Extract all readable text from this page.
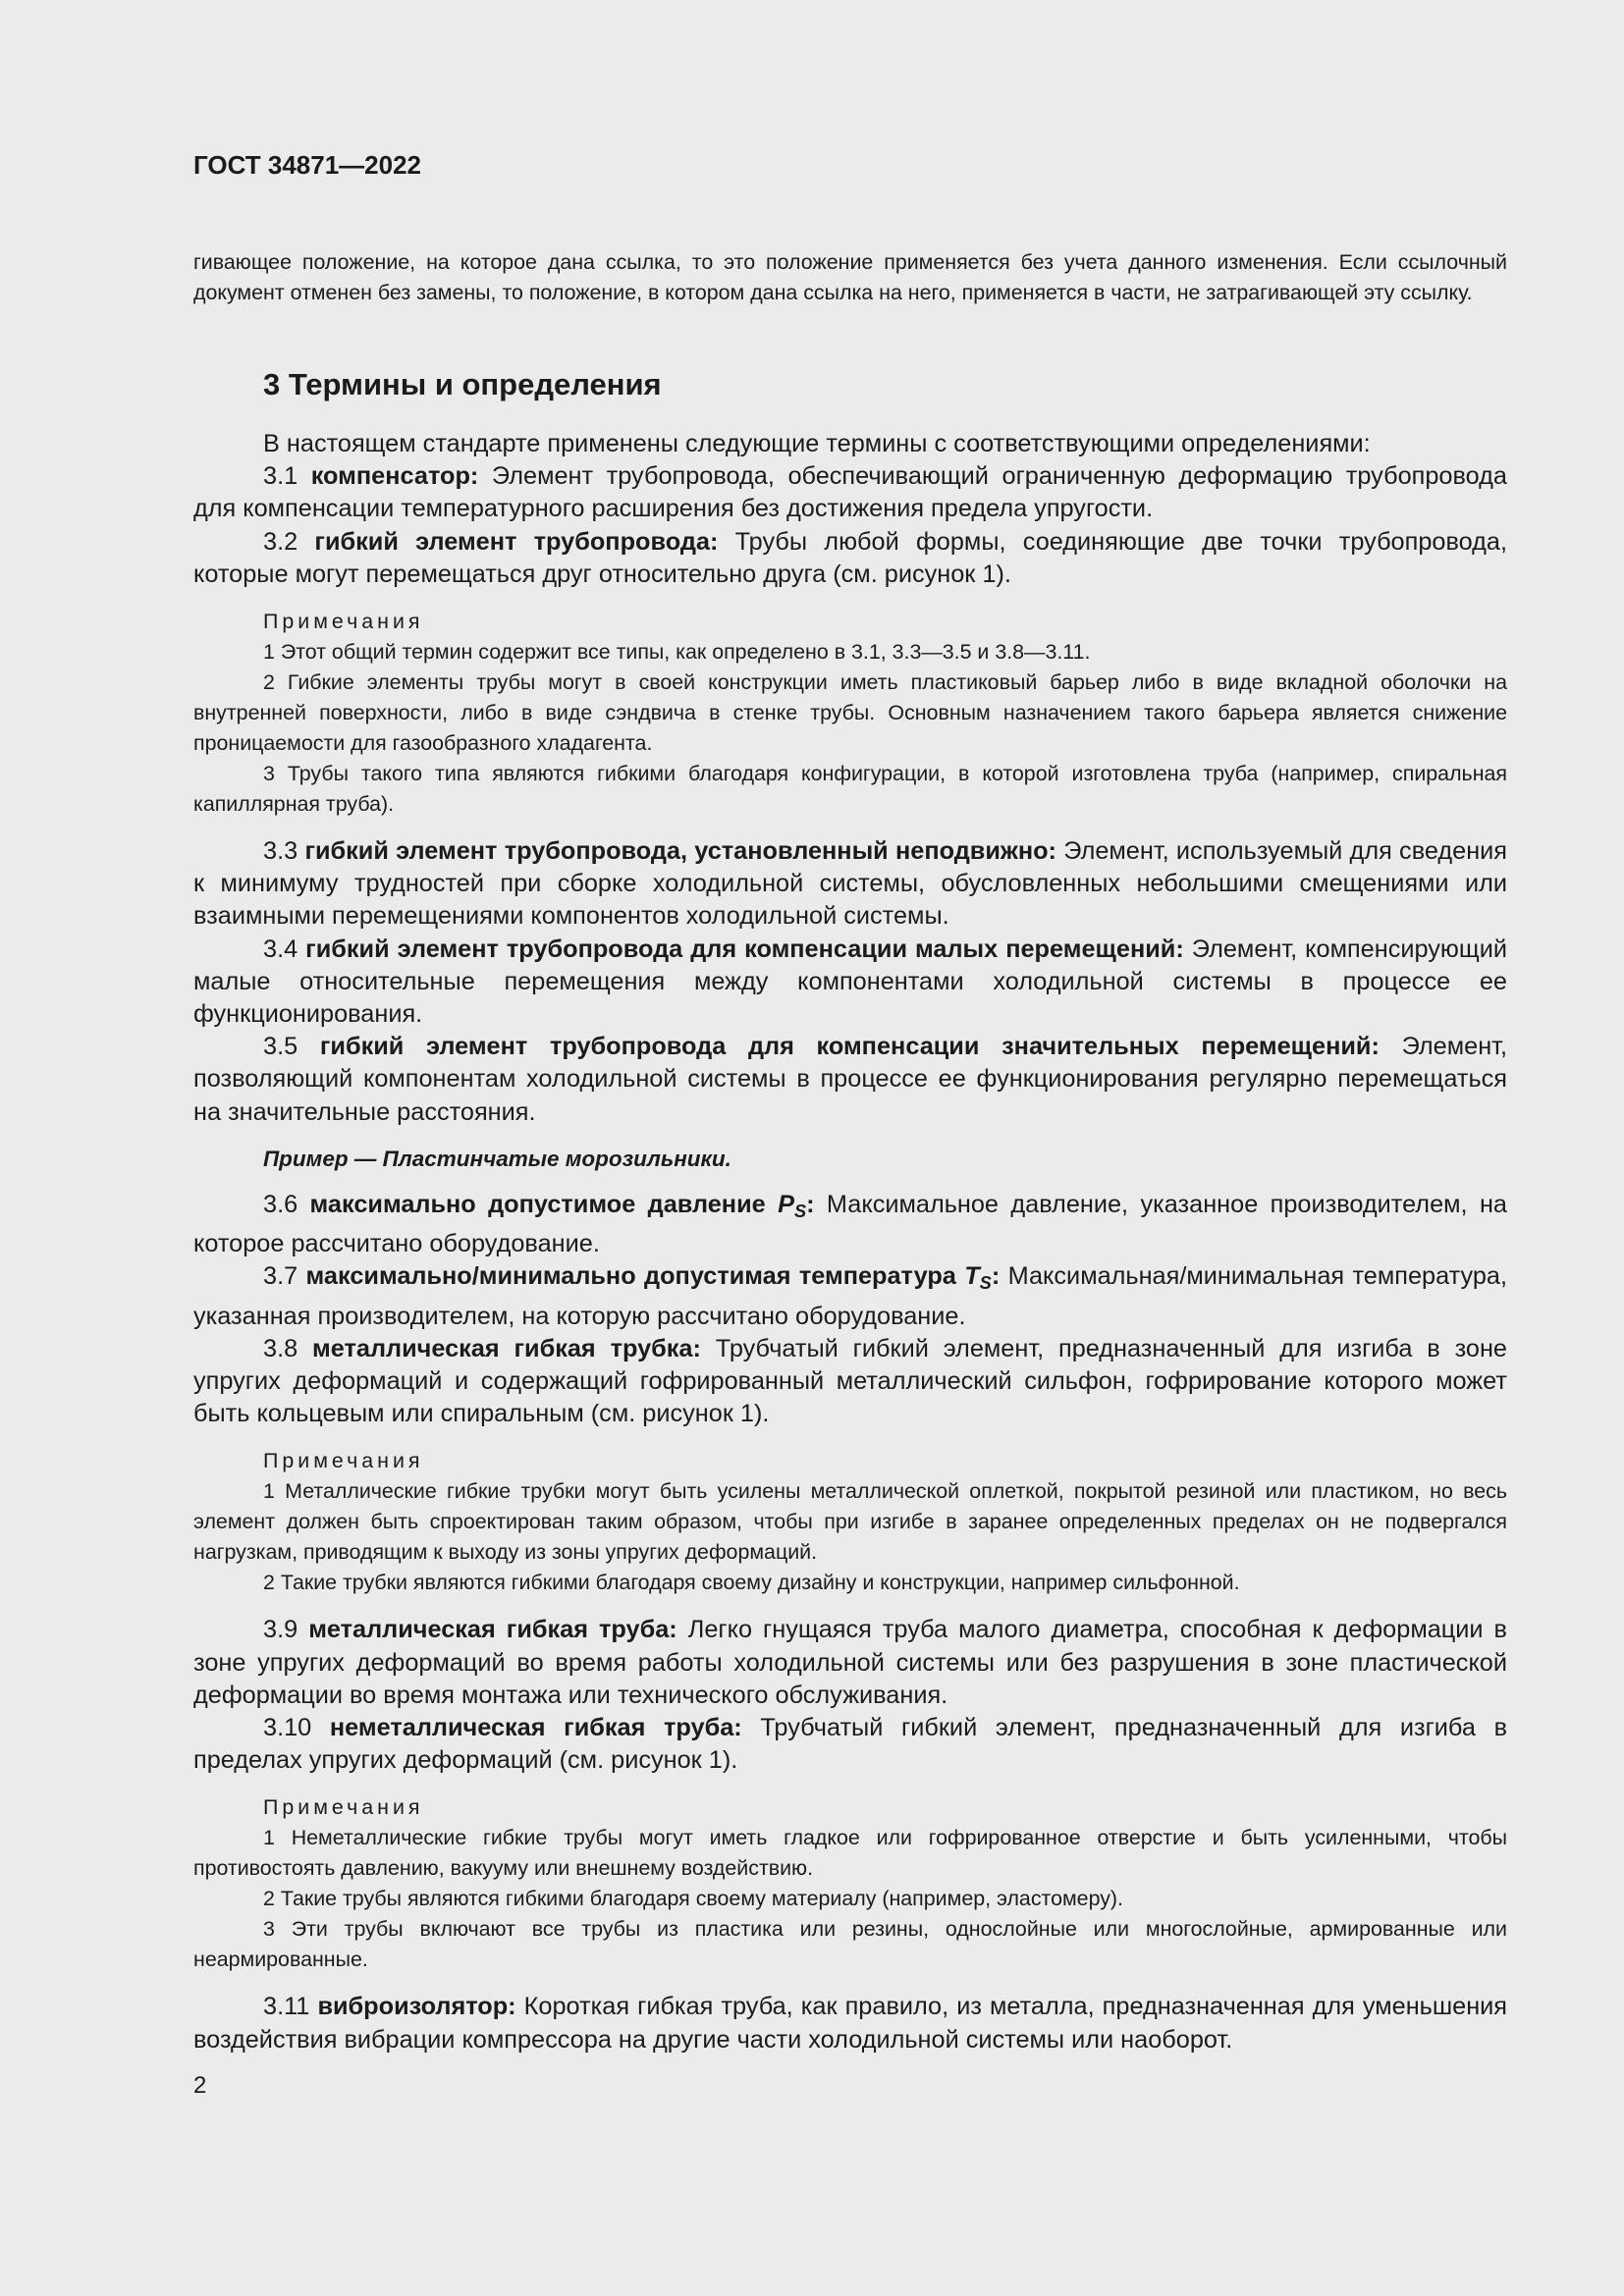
ГОСТ 34871—2022

гивающее положение, на которое дана ссылка, то это положение применяется без учета данного изменения. Если ссылочный документ отменен без замены, то положение, в котором дана ссылка на него, применяется в части, не затрагивающей эту ссылку.

3 Термины и определения

В настоящем стандарте применены следующие термины с соответствующими определениями:

3.1 компенсатор: Элемент трубопровода, обеспечивающий ограниченную деформацию трубопровода для компенсации температурного расширения без достижения предела упругости.

3.2 гибкий элемент трубопровода: Трубы любой формы, соединяющие две точки трубопровода, которые могут перемещаться друг относительно друга (см. рисунок 1).

Примечания

1 Этот общий термин содержит все типы, как определено в 3.1, 3.3—3.5 и 3.8—3.11.

2 Гибкие элементы трубы могут в своей конструкции иметь пластиковый барьер либо в виде вкладной оболочки на внутренней поверхности, либо в виде сэндвича в стенке трубы. Основным назначением такого барьера является снижение проницаемости для газообразного хладагента.

3 Трубы такого типа являются гибкими благодаря конфигурации, в которой изготовлена труба (например, спиральная капиллярная труба).

3.3 гибкий элемент трубопровода, установленный неподвижно: Элемент, используемый для сведения к минимуму трудностей при сборке холодильной системы, обусловленных небольшими смещениями или взаимными перемещениями компонентов холодильной системы.

3.4 гибкий элемент трубопровода для компенсации малых перемещений: Элемент, компенсирующий малые относительные перемещения между компонентами холодильной системы в процессе ее функционирования.

3.5 гибкий элемент трубопровода для компенсации значительных перемещений: Элемент, позволяющий компонентам холодильной системы в процессе ее функционирования регулярно перемещаться на значительные расстояния.

Пример — Пластинчатые морозильники.

3.6 максимально допустимое давление $P_S$: Максимальное давление, указанное производителем, на которое рассчитано оборудование.

3.7 максимально/минимально допустимая температура $T_S$: Максимальная/минимальная температура, указанная производителем, на которую рассчитано оборудование.

3.8 металлическая гибкая трубка: Трубчатый гибкий элемент, предназначенный для изгиба в зоне упругих деформаций и содержащий гофрированный металлический сильфон, гофрирование которого может быть кольцевым или спиральным (см. рисунок 1).

Примечания

1 Металлические гибкие трубки могут быть усилены металлической оплеткой, покрытой резиной или пластиком, но весь элемент должен быть спроектирован таким образом, чтобы при изгибе в заранее определенных пределах он не подвергался нагрузкам, приводящим к выходу из зоны упругих деформаций.

2 Такие трубки являются гибкими благодаря своему дизайну и конструкции, например сильфонной.

3.9 металлическая гибкая труба: Легко гнущаяся труба малого диаметра, способная к деформации в зоне упругих деформаций во время работы холодильной системы или без разрушения в зоне пластической деформации во время монтажа или технического обслуживания.

3.10 неметаллическая гибкая труба: Трубчатый гибкий элемент, предназначенный для изгиба в пределах упругих деформаций (см. рисунок 1).

Примечания

1 Неметаллические гибкие трубы могут иметь гладкое или гофрированное отверстие и быть усиленными, чтобы противостоять давлению, вакууму или внешнему воздействию.

2 Такие трубы являются гибкими благодаря своему материалу (например, эластомеру).

3 Эти трубы включают все трубы из пластика или резины, однослойные или многослойные, армированные или неармированные.

3.11 виброизолятор: Короткая гибкая труба, как правило, из металла, предназначенная для уменьшения воздействия вибрации компрессора на другие части холодильной системы или наоборот.

2
